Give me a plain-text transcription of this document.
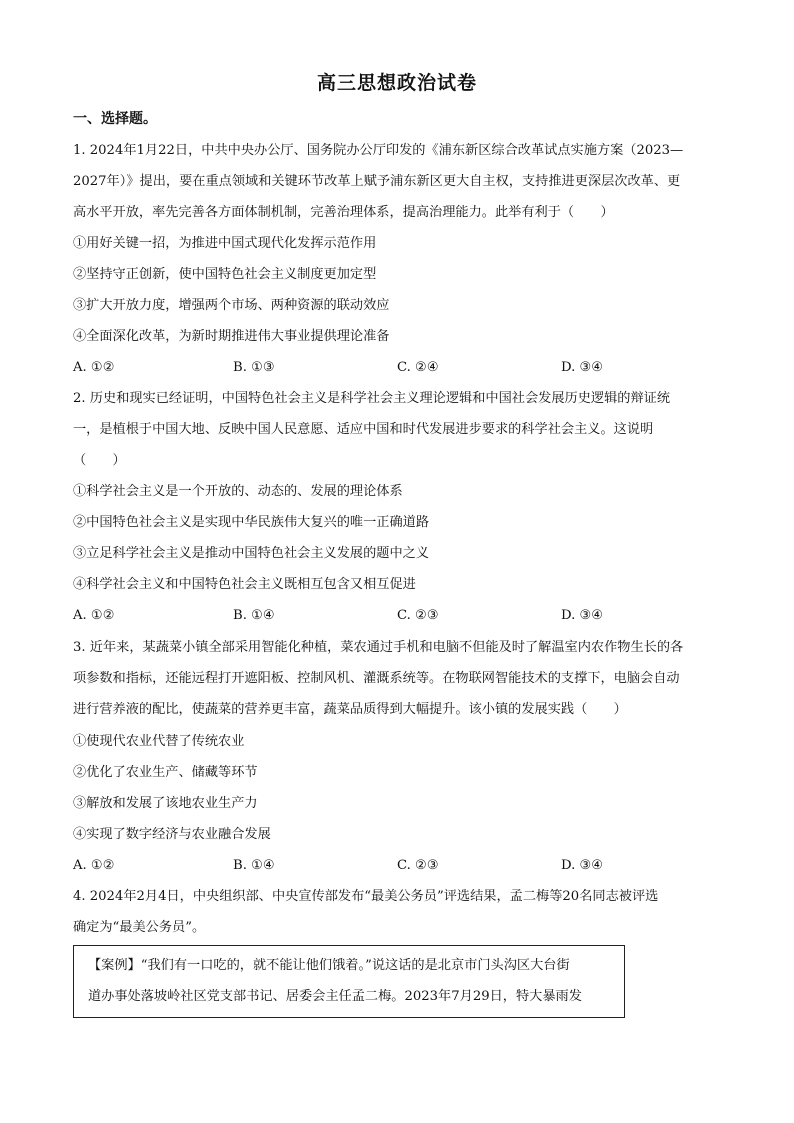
高三思想政治试卷
一、选择题。
1. 2024年1月22日，中共中央办公厅、国务院办公厅印发的《浦东新区综合改革试点实施方案（2023—
2027年）》提出，要在重点领域和关键环节改革上赋予浦东新区更大自主权，支持推进更深层次改革、更
高水平开放，率先完善各方面体制机制，完善治理体系，提高治理能力。此举有利于（　　）
①用好关键一招，为推进中国式现代化发挥示范作用
②坚持守正创新，使中国特色社会主义制度更加定型
③扩大开放力度，增强两个市场、两种资源的联动效应
④全面深化改革，为新时期推进伟大事业提供理论准备
A. ①②	B. ①③	C. ②④	D. ③④
2. 历史和现实已经证明，中国特色社会主义是科学社会主义理论逻辑和中国社会发展历史逻辑的辩证统
一，是植根于中国大地、反映中国人民意愿、适应中国和时代发展进步要求的科学社会主义。这说明
（　　）
①科学社会主义是一个开放的、动态的、发展的理论体系
②中国特色社会主义是实现中华民族伟大复兴的唯一正确道路
③立足科学社会主义是推动中国特色社会主义发展的题中之义
④科学社会主义和中国特色社会主义既相互包含又相互促进
A. ①②	B. ①④	C. ②③	D. ③④
3. 近年来，某蔬菜小镇全部采用智能化种植，菜农通过手机和电脑不但能及时了解温室内农作物生长的各
项参数和指标，还能远程打开遮阳板、控制风机、灌溉系统等。在物联网智能技术的支撑下，电脑会自动
进行营养液的配比，使蔬菜的营养更丰富，蔬菜品质得到大幅提升。该小镇的发展实践（　　）
①使现代农业代替了传统农业
②优化了农业生产、储藏等环节
③解放和发展了该地农业生产力
④实现了数字经济与农业融合发展
A. ①②	B. ①④	C. ②③	D. ③④
4. 2024年2月4日，中央组织部、中央宣传部发布“最美公务员”评选结果，孟二梅等20名同志被评选
确定为“最美公务员”。
【案例】“我们有一口吃的，就不能让他们饿着。”说这话的是北京市门头沟区大台街
道办事处落坡岭社区党支部书记、居委会主任孟二梅。2023年7月29日，特大暴雨发
